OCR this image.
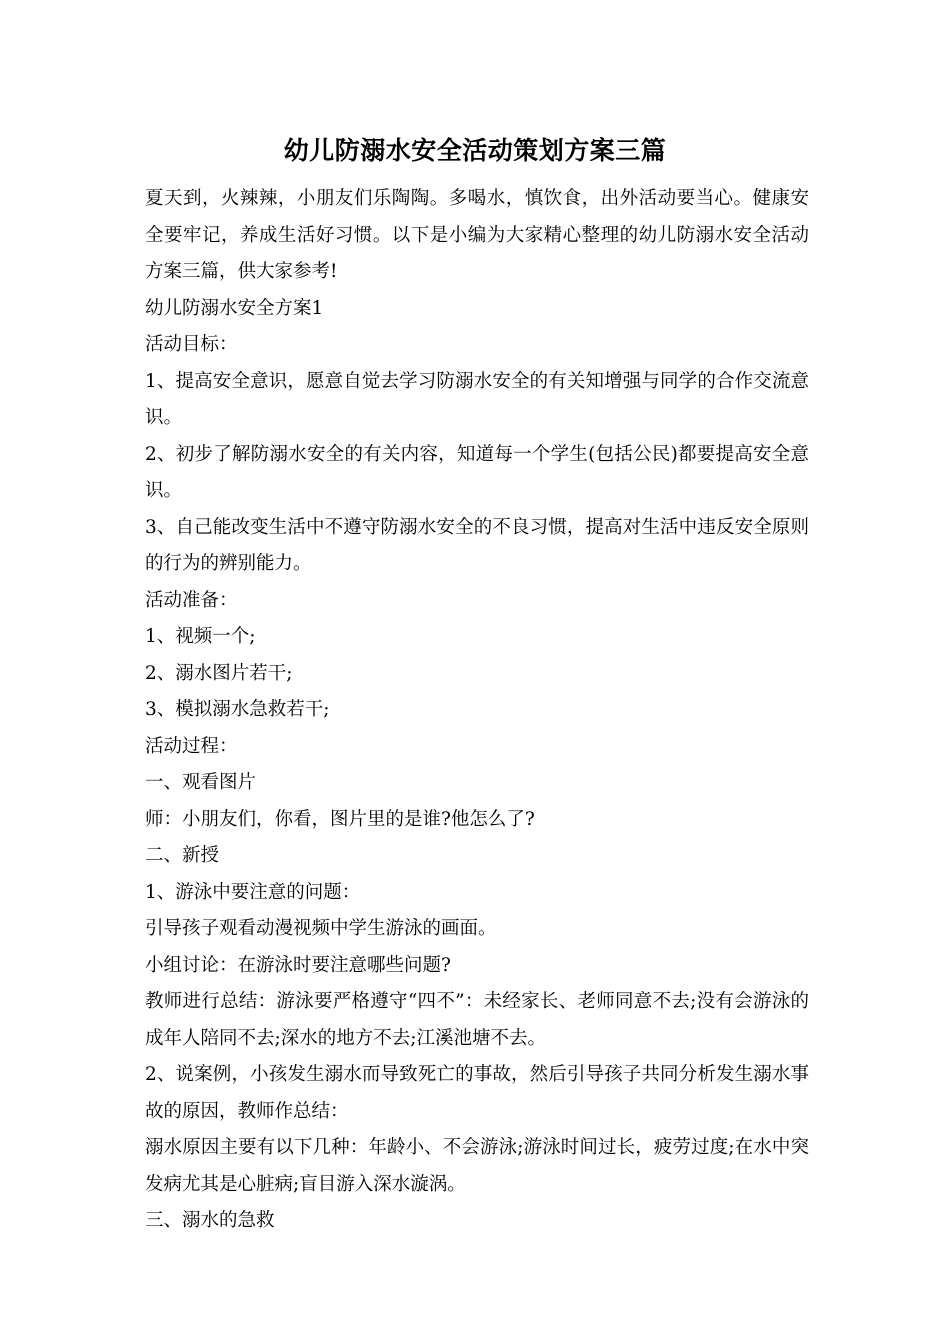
幼儿防溺水安全活动策划方案三篇

夏天到，火辣辣，小朋友们乐陶陶。多喝水，慎饮食，出外活动要当心。健康安全要牢记，养成生活好习惯。以下是小编为大家精心整理的幼儿防溺水安全活动方案三篇，供大家参考!

幼儿防溺水安全方案1

活动目标：

1、提高安全意识，愿意自觉去学习防溺水安全的有关知增强与同学的合作交流意识。

2、初步了解防溺水安全的有关内容，知道每一个学生(包括公民)都要提高安全意识。

3、自己能改变生活中不遵守防溺水安全的不良习惯，提高对生活中违反安全原则的行为的辨别能力。

活动准备：

1、视频一个;

2、溺水图片若干;

3、模拟溺水急救若干;

活动过程：

一、观看图片

师：小朋友们，你看，图片里的是谁?他怎么了?

二、新授

1、游泳中要注意的问题：

引导孩子观看动漫视频中学生游泳的画面。

小组讨论：在游泳时要注意哪些问题?

教师进行总结：游泳要严格遵守“四不”：未经家长、老师同意不去;没有会游泳的成年人陪同不去;深水的地方不去;江溪池塘不去。

2、说案例，小孩发生溺水而导致死亡的事故，然后引导孩子共同分析发生溺水事故的原因，教师作总结：

溺水原因主要有以下几种：年龄小、不会游泳;游泳时间过长，疲劳过度;在水中突发病尤其是心脏病;盲目游入深水漩涡。

三、溺水的急救
